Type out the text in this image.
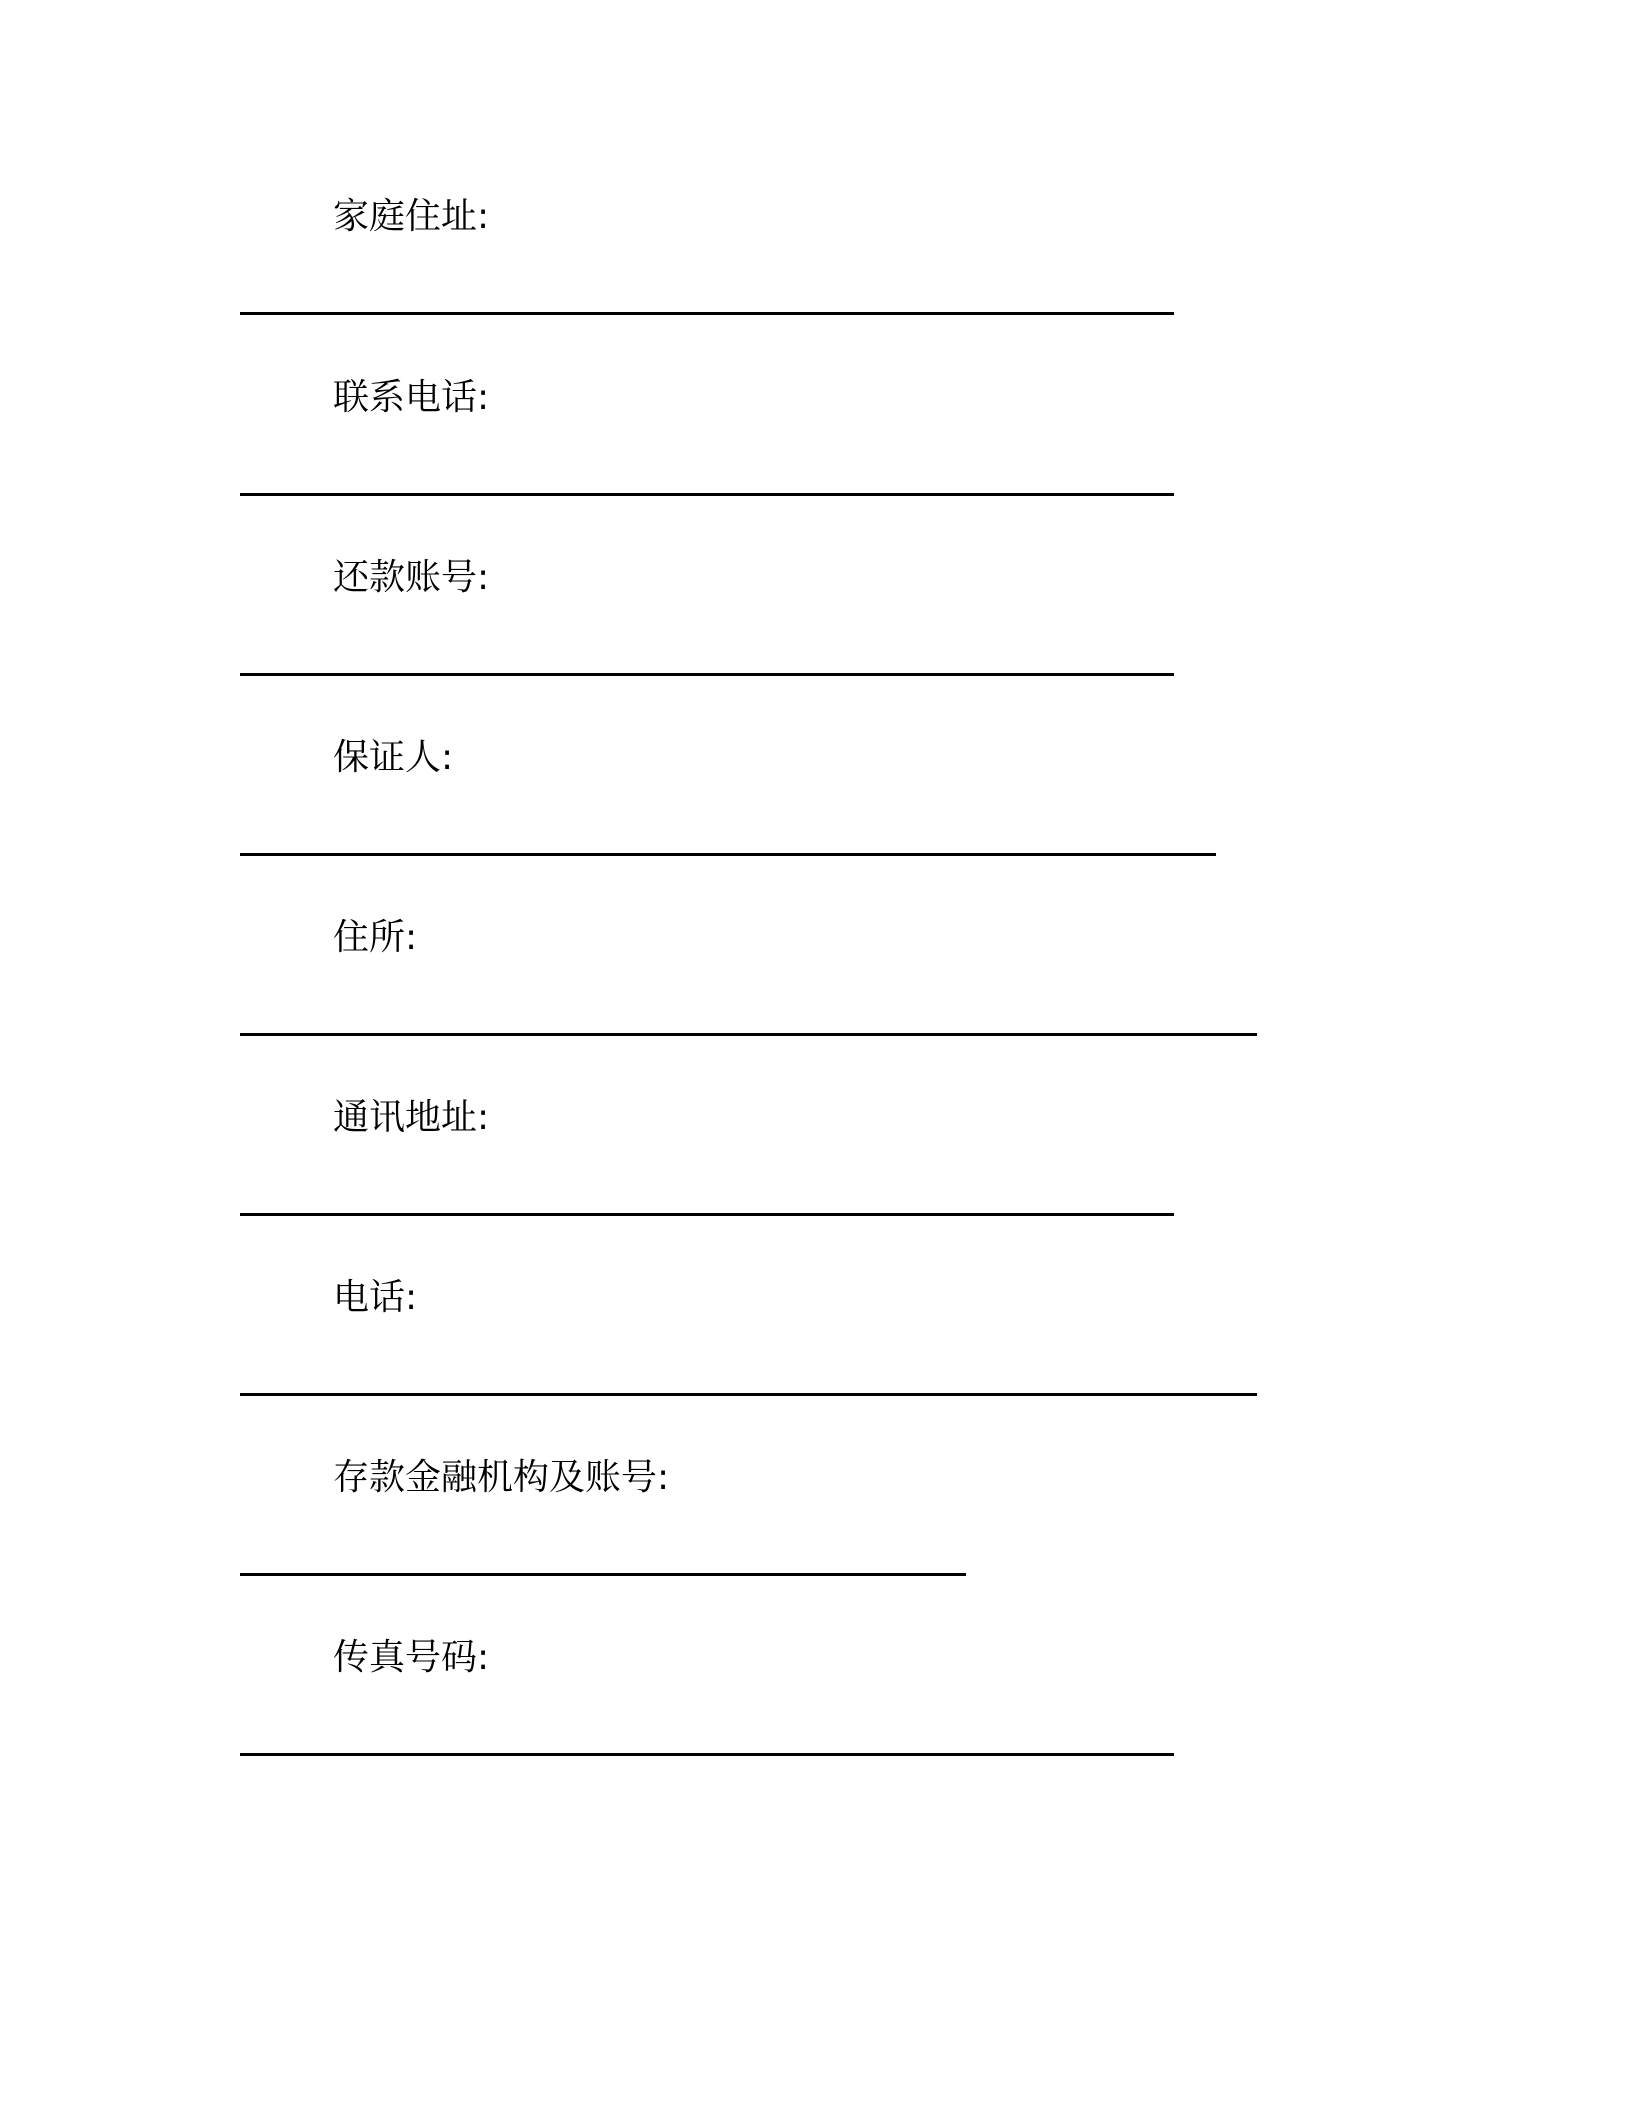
家庭住址:
联系电话:
还款账号:
保证人:
住所:
通讯地址:
电话:
存款金融机构及账号:
传真号码:
